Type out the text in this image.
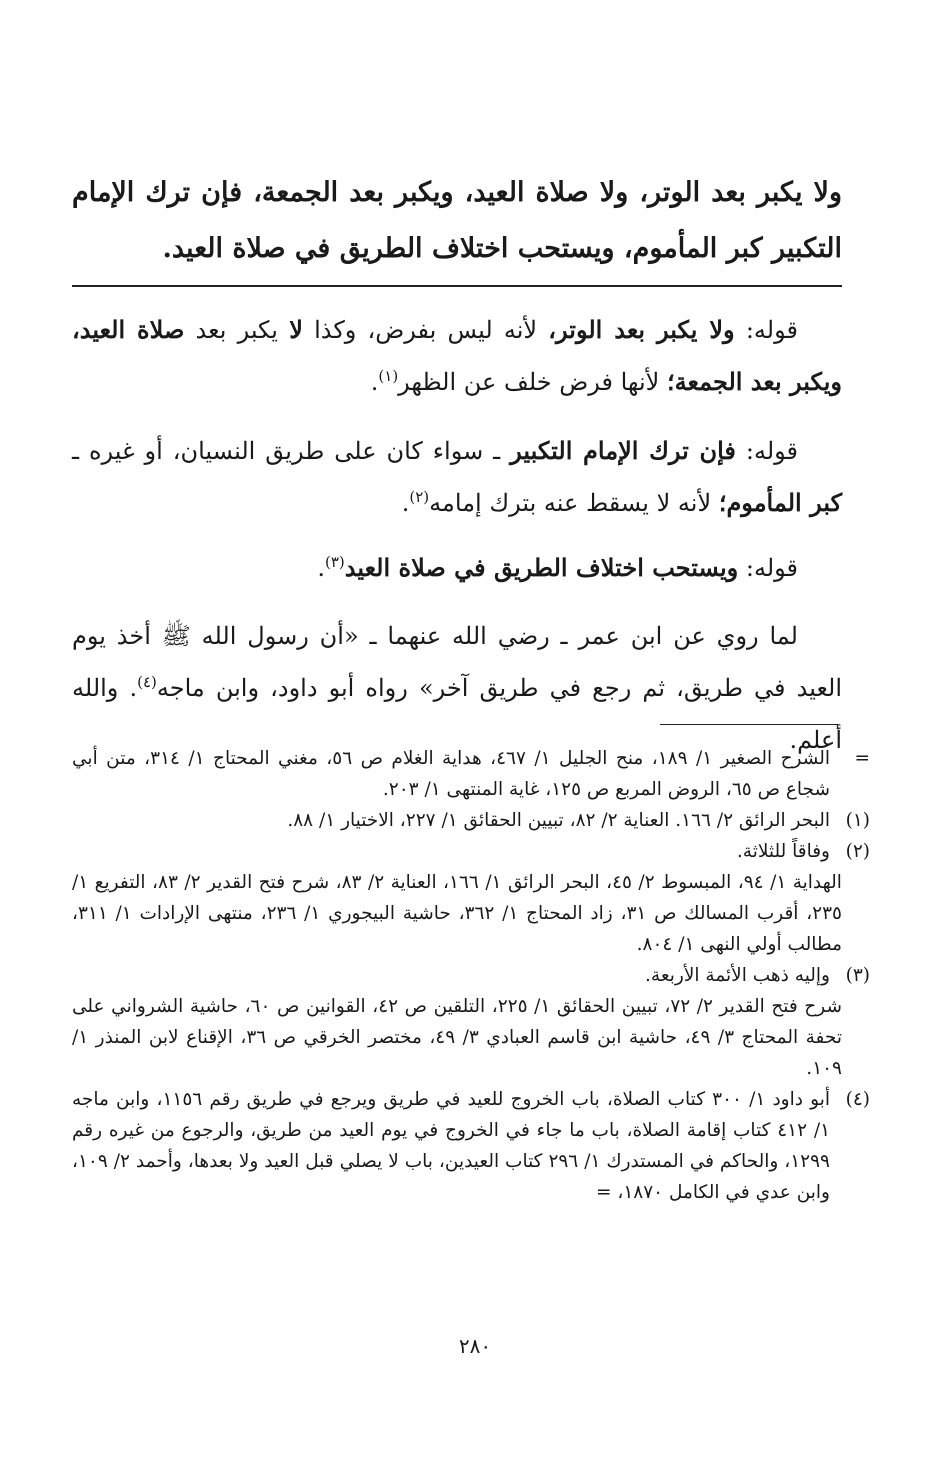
ولا يكبر بعد الوتر، ولا صلاة العيد، ويكبر بعد الجمعة، فإن ترك الإمام التكبير كبر المأموم، ويستحب اختلاف الطريق في صلاة العيد.

قوله: ولا يكبر بعد الوتر، لأنه ليس بفرض، وكذا لا يكبر بعد صلاة العيد، ويكبر بعد الجمعة؛ لأنها فرض خلف عن الظهر$^{(١)}$.

قوله: فإن ترك الإمام التكبير ـ سواء كان على طريق النسيان، أو غيره ـ كبر المأموم؛ لأنه لا يسقط عنه بترك إمامه$^{(٢)}$.

قوله: ويستحب اختلاف الطريق في صلاة العيد$^{(٣)}$.

لما روي عن ابن عمر ـ رضي الله عنهما ـ «أن رسول الله ﷺ أخذ يوم العيد في طريق، ثم رجع في طريق آخر» رواه أبو داود، وابن ماجه$^{(٤)}$. والله أعلم.

=
الشرح الصغير ١/ ١٨٩، منح الجليل ١/ ٤٦٧، هداية الغلام ص ٥٦، مغني المحتاج ١/ ٣١٤، متن أبي شجاع ص ٦٥، الروض المربع ص ١٢٥، غاية المنتهى ١/ ٢٠٣.
(١)
البحر الرائق ٢/ ١٦٦. العناية ٢/ ٨٢، تبيين الحقائق ١/ ٢٢٧، الاختيار ١/ ٨٨.
(٢)
وفاقاً للثلاثة.
الهداية ١/ ٩٤، المبسوط ٢/ ٤٥، البحر الرائق ١/ ١٦٦، العناية ٢/ ٨٣، شرح فتح القدير ٢/ ٨٣، التفريع ١/ ٢٣٥، أقرب المسالك ص ٣١، زاد المحتاج ١/ ٣٦٢، حاشية البيجوري ١/ ٢٣٦، منتهى الإرادات ١/ ٣١١، مطالب أولي النهى ١/ ٨٠٤.
(٣)
وإليه ذهب الأئمة الأربعة.
شرح فتح القدير ٢/ ٧٢، تبيين الحقائق ١/ ٢٢٥، التلقين ص ٤٢، القوانين ص ٦٠، حاشية الشرواني على تحفة المحتاج ٣/ ٤٩، حاشية ابن قاسم العبادي ٣/ ٤٩، مختصر الخرقي ص ٣٦، الإقناع لابن المنذر ١/ ١٠٩.
(٤)
أبو داود ١/ ٣٠٠ كتاب الصلاة، باب الخروج للعيد في طريق ويرجع في طريق رقم ١١٥٦، وابن ماجه ١/ ٤١٢ كتاب إقامة الصلاة، باب ما جاء في الخروج في يوم العيد من طريق، والرجوع من غيره رقم ١٢٩٩، والحاكم في المستدرك ١/ ٢٩٦ كتاب العيدين، باب لا يصلي قبل العيد ولا بعدها، وأحمد ٢/ ١٠٩، وابن عدي في الكامل ١٨٧٠، =
٢٨٠
